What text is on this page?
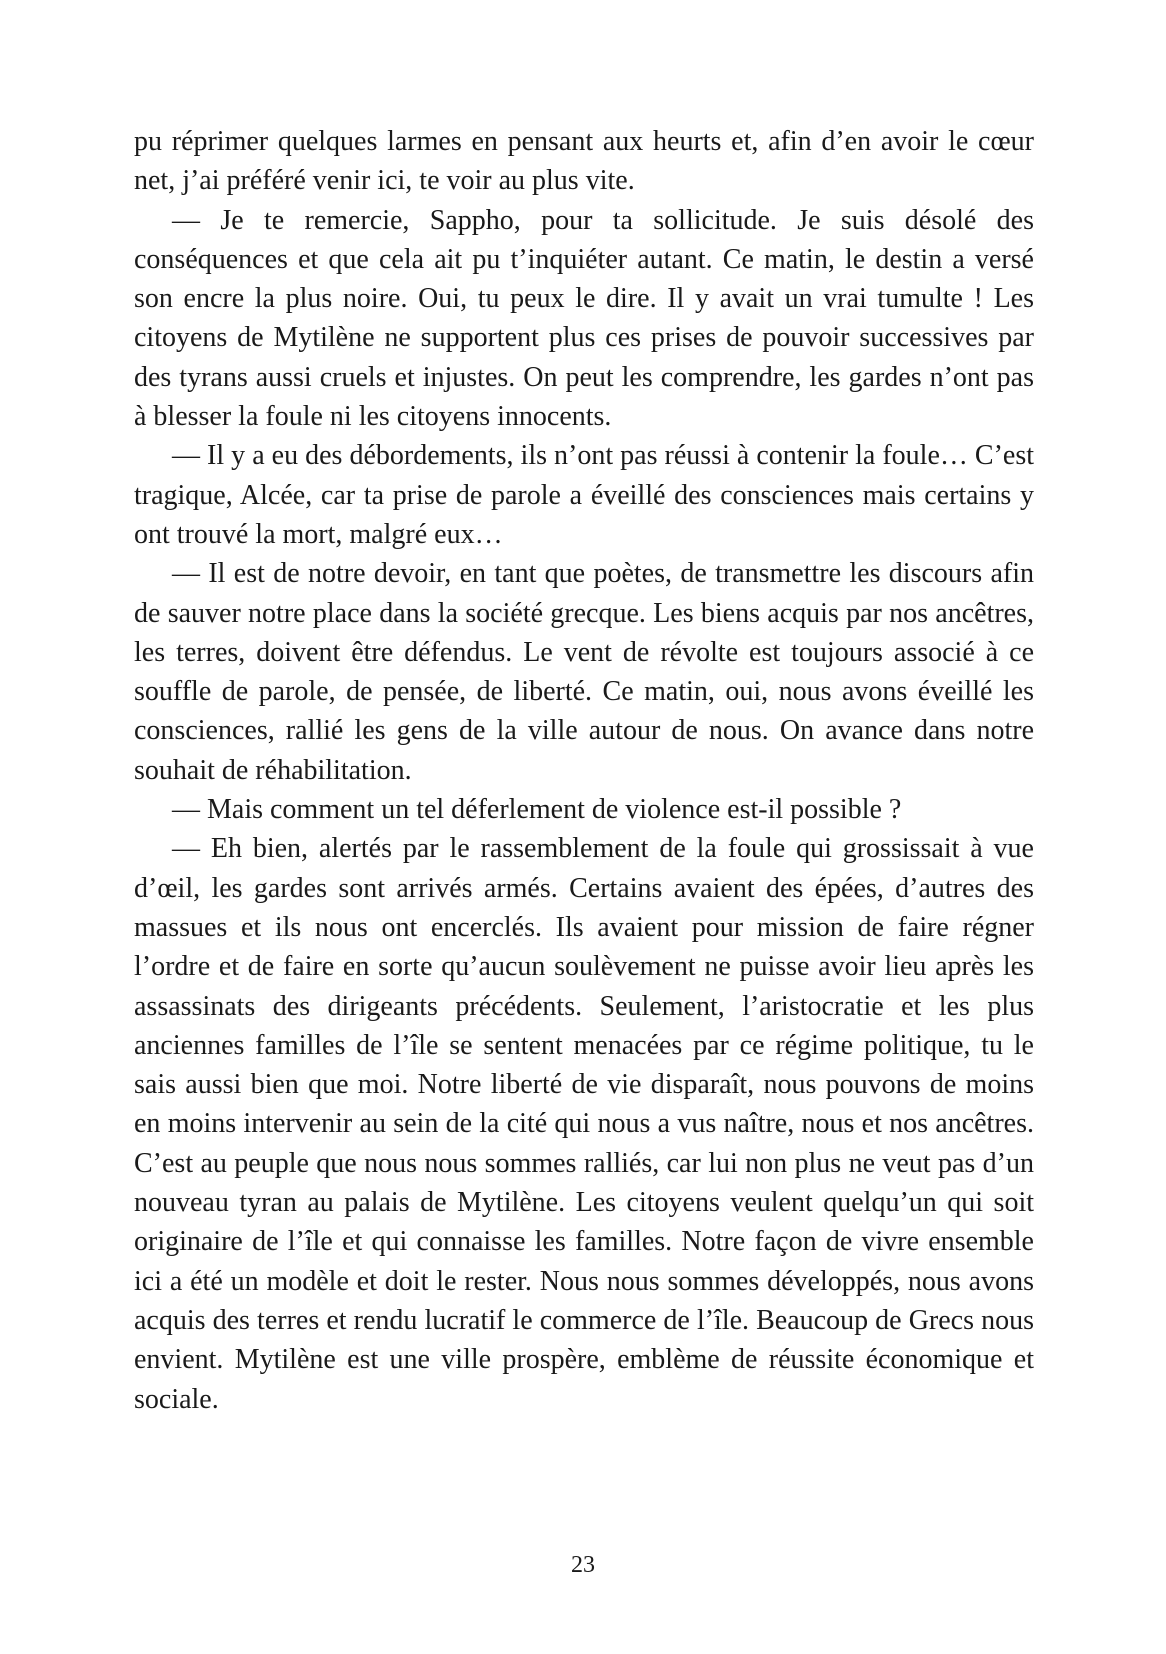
pu réprimer quelques larmes en pensant aux heurts et, afin d’en avoir le cœur net, j’ai préféré venir ici, te voir au plus vite.

— Je te remercie, Sappho, pour ta sollicitude. Je suis désolé des conséquences et que cela ait pu t’inquiéter autant. Ce matin, le destin a versé son encre la plus noire. Oui, tu peux le dire. Il y avait un vrai tumulte ! Les citoyens de Mytilène ne supportent plus ces prises de pouvoir successives par des tyrans aussi cruels et injustes. On peut les comprendre, les gardes n’ont pas à blesser la foule ni les citoyens innocents.

— Il y a eu des débordements, ils n’ont pas réussi à contenir la foule… C’est tragique, Alcée, car ta prise de parole a éveillé des consciences mais certains y ont trouvé la mort, malgré eux…

— Il est de notre devoir, en tant que poètes, de transmettre les discours afin de sauver notre place dans la société grecque. Les biens acquis par nos ancêtres, les terres, doivent être défendus. Le vent de révolte est toujours associé à ce souffle de parole, de pensée, de liberté. Ce matin, oui, nous avons éveillé les consciences, rallié les gens de la ville autour de nous. On avance dans notre souhait de réhabilitation.

— Mais comment un tel déferlement de violence est-il possible ?

— Eh bien, alertés par le rassemblement de la foule qui grossissait à vue d’œil, les gardes sont arrivés armés. Certains avaient des épées, d’autres des massues et ils nous ont encerclés. Ils avaient pour mission de faire régner l’ordre et de faire en sorte qu’aucun soulèvement ne puisse avoir lieu après les assassinats des dirigeants précédents. Seulement, l’aristocratie et les plus anciennes familles de l’île se sentent menacées par ce régime politique, tu le sais aussi bien que moi. Notre liberté de vie disparaît, nous pouvons de moins en moins intervenir au sein de la cité qui nous a vus naître, nous et nos ancêtres. C’est au peuple que nous nous sommes ralliés, car lui non plus ne veut pas d’un nouveau tyran au palais de Mytilène. Les citoyens veulent quelqu’un qui soit originaire de l’île et qui connaisse les familles. Notre façon de vivre ensemble ici a été un modèle et doit le rester. Nous nous sommes développés, nous avons acquis des terres et rendu lucratif le commerce de l’île. Beaucoup de Grecs nous envient. Mytilène est une ville prospère, emblème de réussite économique et sociale.

23
